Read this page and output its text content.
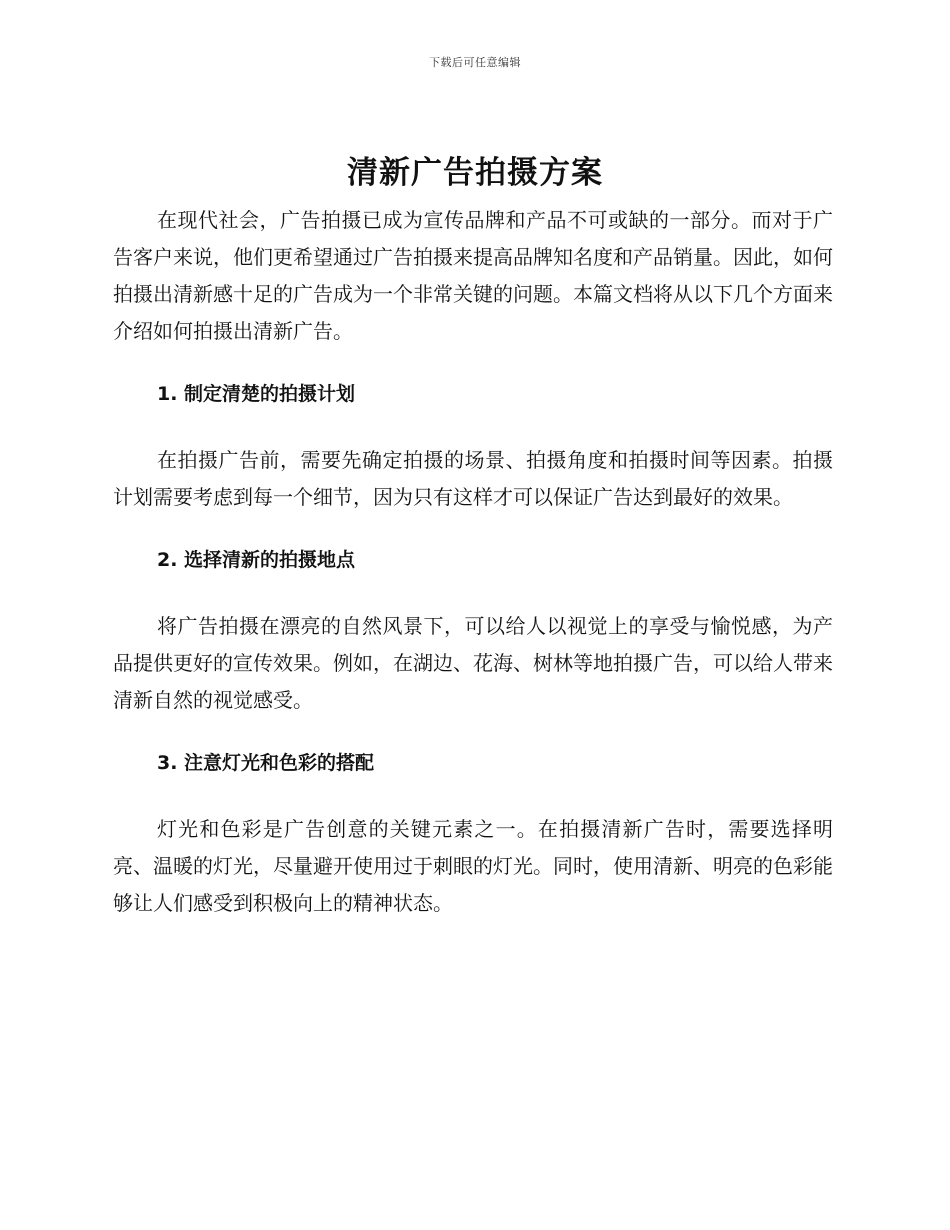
下载后可任意编辑
清新广告拍摄方案

在现代社会，广告拍摄已成为宣传品牌和产品不可或缺的一部分。而对于广告客户来说，他们更希望通过广告拍摄来提高品牌知名度和产品销量。因此，如何拍摄出清新感十足的广告成为一个非常关键的问题。本篇文档将从以下几个方面来介绍如何拍摄出清新广告。

1. 制定清楚的拍摄计划

在拍摄广告前，需要先确定拍摄的场景、拍摄角度和拍摄时间等因素。拍摄计划需要考虑到每一个细节，因为只有这样才可以保证广告达到最好的效果。

2. 选择清新的拍摄地点

将广告拍摄在漂亮的自然风景下，可以给人以视觉上的享受与愉悦感，为产品提供更好的宣传效果。例如，在湖边、花海、树林等地拍摄广告，可以给人带来清新自然的视觉感受。

3. 注意灯光和色彩的搭配

灯光和色彩是广告创意的关键元素之一。在拍摄清新广告时，需要选择明亮、温暖的灯光，尽量避开使用过于刺眼的灯光。同时，使用清新、明亮的色彩能够让人们感受到积极向上的精神状态。
